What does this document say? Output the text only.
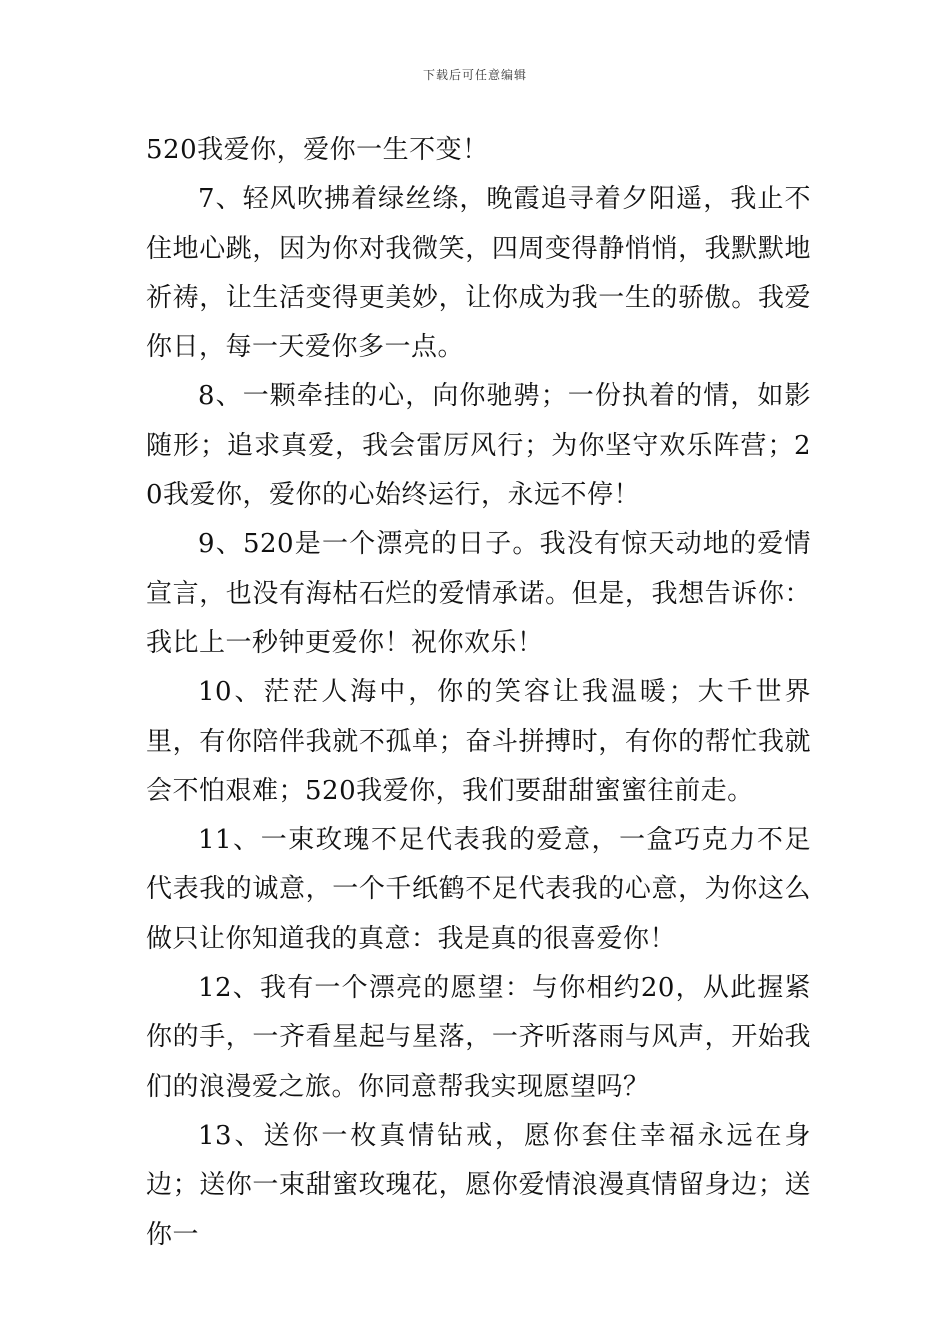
下载后可任意编辑

520我爱你，爱你一生不变！

7、轻风吹拂着绿丝绦，晚霞追寻着夕阳遥，我止不住地心跳，因为你对我微笑，四周变得静悄悄，我默默地祈祷，让生活变得更美妙，让你成为我一生的骄傲。我爱你日，每一天爱你多一点。

8、一颗牵挂的心，向你驰骋；一份执着的情，如影随形；追求真爱，我会雷厉风行；为你坚守欢乐阵营；20我爱你，爱你的心始终运行，永远不停！

9、520是一个漂亮的日子。我没有惊天动地的爱情宣言，也没有海枯石烂的爱情承诺。但是，我想告诉你：我比上一秒钟更爱你！祝你欢乐！

10、茫茫人海中，你的笑容让我温暖；大千世界里，有你陪伴我就不孤单；奋斗拼搏时，有你的帮忙我就会不怕艰难；520我爱你，我们要甜甜蜜蜜往前走。

11、一束玫瑰不足代表我的爱意，一盒巧克力不足代表我的诚意，一个千纸鹤不足代表我的心意，为你这么做只让你知道我的真意：我是真的很喜爱你！

12、我有一个漂亮的愿望：与你相约20，从此握紧你的手，一齐看星起与星落，一齐听落雨与风声，开始我们的浪漫爱之旅。你同意帮我实现愿望吗？

13、送你一枚真情钻戒，愿你套住幸福永远在身边；送你一束甜蜜玫瑰花，愿你爱情浪漫真情留身边；送你一
